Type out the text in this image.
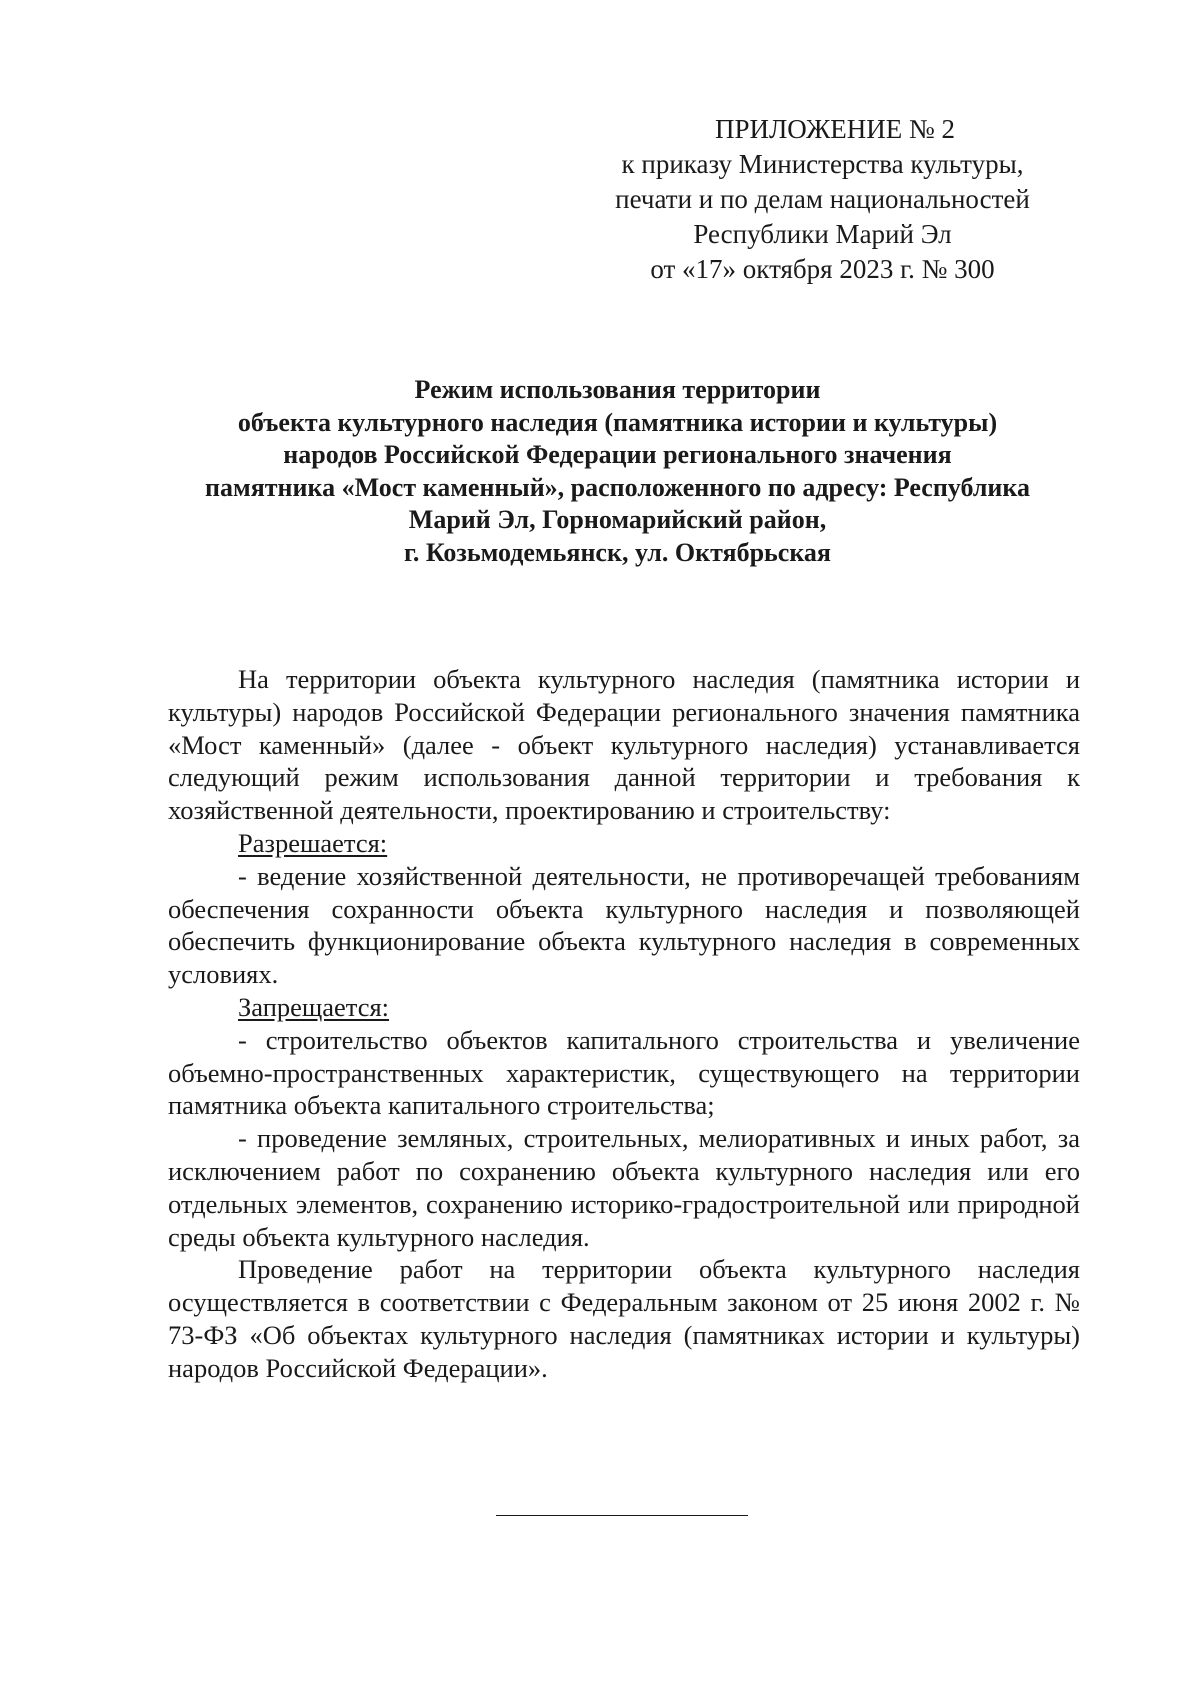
ПРИЛОЖЕНИЕ № 2
к приказу Министерства культуры,
печати и по делам национальностей
Республики Марий Эл
от «17» октября 2023 г. № 300
Режим использования территории
объекта культурного наследия (памятника истории и культуры)
народов Российской Федерации регионального значения
памятника «Мост каменный», расположенного по адресу: Республика
Марий Эл, Горномарийский район,
г. Козьмодемьянск, ул. Октябрьская

На территории объекта культурного наследия (памятника истории и культуры) народов Российской Федерации регионального значения памятника «Мост каменный» (далее - объект культурного наследия) устанавливается следующий режим использования данной территории и требования к хозяйственной деятельности, проектированию и строительству:

Разрешается:

- ведение хозяйственной деятельности, не противоречащей требованиям обеспечения сохранности объекта культурного наследия и позволяющей обеспечить функционирование объекта культурного наследия в современных условиях.

Запрещается:

- строительство объектов капитального строительства и увеличение объемно-пространственных характеристик, существующего на территории памятника объекта капитального строительства;

- проведение земляных, строительных, мелиоративных и иных работ, за исключением работ по сохранению объекта культурного наследия или его отдельных элементов, сохранению историко-градостроительной или природной среды объекта культурного наследия.

Проведение работ на территории объекта культурного наследия осуществляется в соответствии с Федеральным законом от 25 июня 2002 г. № 73-ФЗ «Об объектах культурного наследия (памятниках истории и культуры) народов Российской Федерации».
